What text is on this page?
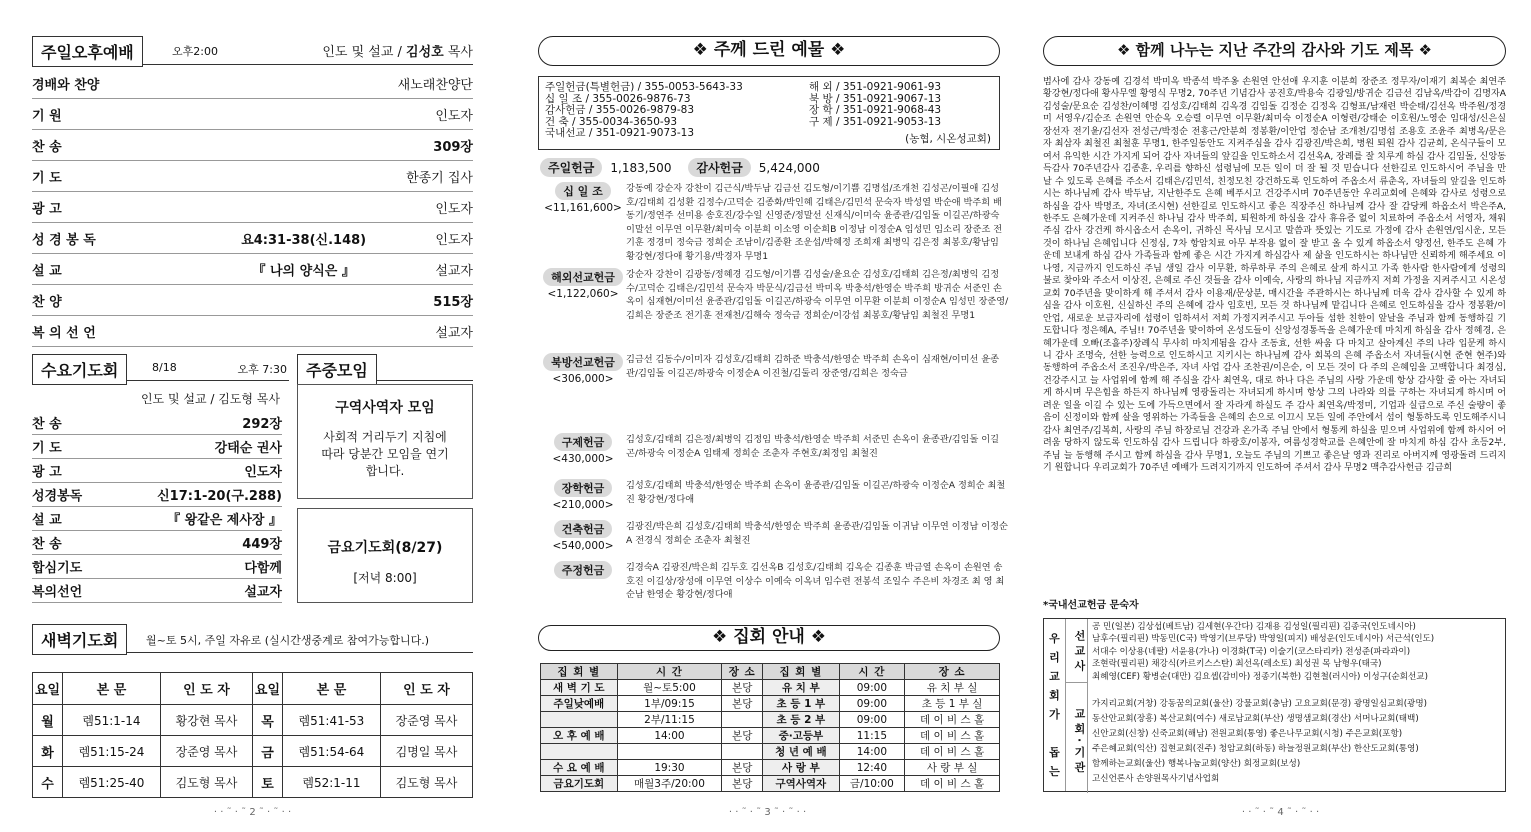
주일오후예배	오후2:00	인도 및 설교 / 김성호 목사
경배와 찬양	새노래찬양단
기 원	인도자
찬 송	309장
기 도	한종기 집사
광 고	인도자
성 경 봉 독	요4:31-38(신.148)	인도자
설 교	『 나의 양식은 』	설교자
찬 양	515장
복 의 선 언	설교자
수요기도회	8/18	오후 7:30
인도 및 설교 / 김도형 목사
찬 송	292장
기 도	강태순 권사
광 고	인도자
성경봉독	신17:1-20(구.288)
설 교	『 왕같은 제사장 』
찬 송	449장
합심기도	다함께
복의선언	설교자
주중모임
구역사역자 모임
사회적 거리두기 지침에 따라 당분간 모임을 연기합니다.
금요기도회(8/27)
[저녁 8:00]
새벽기도회	월~토 5시, 주일 자유로 (실시간생중계로 참여가능합니다.)
요일	본 문	인 도 자	요일	본 문	인 도 자
월	렘51:1-14	황강현 목사	목	렘51:41-53	장준영 목사
화	렘51:15-24	장준영 목사	금	렘51:54-64	김명일 목사
수	렘51:25-40	김도형 목사	토	렘52:1-11	김도형 목사
· · ˜ · ˜ 2 ˜ · ˜ · ·
❖ 주께 드린 예물 ❖
주일헌금(특별헌금) / 355-0053-5643-33
십 일 조 / 355-0026-9876-73
감사헌금 / 355-0026-9879-83
건 축 / 355-0034-3650-93
국내선교 / 351-0921-9073-13
해 외 / 351-0921-9061-93
북 방 / 351-0921-9067-13
장 학 / 351-0921-9068-43
구 제 / 351-0921-9053-13
(농협, 시온성교회)
주일헌금	1,183,500	감사헌금	5,424,000
십 일 조
<11,161,600>
강동예 강순자 강찬이 김근식/박두남 김금선 김도형/이기쁨 김명섭/조개천 김성곤/이필애 김성호/김태희 김성환 김정수/고덕순 김종화/박인혜 김태은/김민석 문숙자 박성열 박순애 박주희 배동기/정연주 선미용 송호진/강수일 신영준/정말선 신재식/이미숙 윤종관/김임돌 이길곤/하광숙 이말선 이무연 이무환/최미숙 이분희 이소영 이순희B 이정남 이정순A 임성민 임소리 장준조 전기훈 정경미 정숙금 정희순 조남이/김종환 조운섭/박혜정 조희재 최병익 김은정 최봉호/황남임 황강현/정다애 황기용/박경자 무명1
해외선교헌금
<1,122,060>
강순자 강찬이 김광동/정혜경 김도형/이기쁨 김성술/윤요순 김성호/김태희 김은정/최병익 김정수/고덕순 김태은/김민석 문숙자 박문식/김금선 박미옥 박충석/한영순 박주희 방귀순 서준인 손옥이 심재현/이미선 윤종관/김임돌 이길곤/하광숙 이무연 이무환 이분희 이정순A 임성민 장준영/김희은 장준조 전기훈 전재천/김해숙 정숙금 정희순/이강섭 최봉호/황남임 최철진 무명1
북방선교헌금
<306,000>
김금선 김동수/이미자 김성호/김태희 김하준 박충석/한영순 박주희 손옥이 심재현/이미선 윤종관/김임돌 이길곤/하광숙 이정순A 이진철/김둘리 장준영/김희은 정숙금
구제헌금
<430,000>
김성호/김태희 김은정/최병익 김정임 박충석/한영순 박주희 서준민 손옥이 윤종관/김임돌 이길곤/하광숙 이정순A 임태제 정희순 조춘자 주현호/최정임 최철진
장학헌금
<210,000>
김성호/김태희 박충석/한영순 박주희 손옥이 윤종관/김임돌 이길곤/하광숙 이정순A 정희순 최철진 황강현/정다애
건축헌금
<540,000>
김광진/박은희 김성호/김태희 박충석/한영순 박주희 윤종관/김임돌 이귀남 이무연 이정남 이정순A 전경식 정희순 조춘자 최철진
주정헌금	김경숙A 김광진/박은희 김두호 김선옥B 김성호/김태희 김옥순 김종훈 박금열 손옥이 손원연 송호진 이길상/장성애 이무연 이상수 이예숙 이옥녀 임수련 전봉석 조일수 주은비 차경조 최 영 최순남 한영순 황강현/정다애
❖ 집회 안내 ❖
집 회 별	시 간	장 소	집 회 별	시 간	장 소
새 벽 기 도	월~토5:00	본당	유 치 부	09:00	유 치 부 실
주일낮예배	1부/09:15	본당	초 등 1 부	09:00	초 등 1 부 실
	2부/11:15		초 등 2 부	09:00	데 이 비 스 홀
오 후 예 배	14:00	본당	중·고등부	11:15	데 이 비 스 홀
			청 년 예 배	14:00	데 이 비 스 홀
수 요 예 배	19:30	본당	사 랑 부	12:40	사 랑 부 실
금요기도회	매월3주/20:00	본당	구역사역자	금/10:00	데 이 비 스 홀
· · ˜ · ˜ 3 ˜ · ˜ · ·
❖ 함께 나누는 지난 주간의 감사와 기도 제목 ❖
범사에 감사 강동예 김경석 박미옥 박종석 박주옹 손원연 안선애 우지훈 이분희 장준조 정무자/이재기 최복순 최연주 황강현/정다애 황사무엘 황영식 무명2, 70주년 기념감사 공진호/박용숙 김광일/방귀순 김금선 김남옥/박감이 김명자A 김성술/문요순 김성찬/이혜명 김성호/김태희 김옥경 김임돌 김정순 김정옥 김형표/남재련 박순태/김선옥 박주원/정경미 서영우/김순조 손원연 안순옥 오승렬 이무연 이무환/최미숙 이정순A 이형련/강태순 이호원/노영순 임대성/신은실 장선자 전기윤/김선자 전성근/박정순 전홍근/안분희 정봉환/이안업 정순남 조개천/김명섭 조용호 조윤주 최병옥/문은자 최삼자 최철진 최철훈 무명1, 한주일동안도 지켜주심을 감사 김광진/박은희, 병원 퇴원 감사 김균희, 온식구들이 모여서 유익한 시간 가지게 되어 감사 자녀들의 앞길을 인도하소서 김선옥A, 장례를 잘 치루게 하심 감사 김임돌, 신앙동득감사 70주년감사 김종훈, 우리를 향하신 섬령님에 모든 일이 더 잘 될 것 믿습니다 선한길로 인도하시어 주님을 만날 수 있도록 은혜를 주소서 김태은/김민석, 친정모친 강건하도록 인도하여 주옵소서 류춘옥, 자녀들의 앞길을 인도하시는 하나님께 감사 박두남, 지난한주도 은혜 베푸시고 건강주시며 70주년동안 우리교회에 은혜와 감사로 성령으로 하심을 감사 박명조, 자녀(조시현) 선한길로 인도하시고 좋은 직장주신 하나님께 감사 잘 감당케 하옵소서 박은주A, 한주도 은혜가운데 지켜주신 하나님 감사 박주희, 퇴원하게 하심을 감사 휴유증 없이 치료하여 주옵소서 서영자, 채워주심 감사 강건케 하시옵소서 손옥이, 귀하신 목사님 모시고 말씀과 뜻있는 기도로 가정에 감사 손원연/임시운, 모든 것이 하나님 은혜입니다 신정심, 7차 항암치료 아무 부작용 없이 잘 받고 올 수 있게 하옵소서 양정선, 한주도 은혜 가운데 보내게 하심 감사 가족들과 함께 좋은 시간 가지게 하심감사 제 삶을 인도하시는 하나님만 신뢰하게 해주세요 이나영, 지금까지 인도하신 주님 생일 감사 이무환, 하루하루 주의 은혜로 살게 하시고 가족 한사람 한사람에게 성령의 불로 찾아와 주소서 이상진, 은혜로 주신 것들을 감사 이예숙, 사랑의 하나님 지금까지 저희 가정을 지켜주시고 시온성교회 70주년을 맞이하게 해 주셔서 감사 이용재/문상분, 매시간을 주관하시는 하나님께 더욱 감사 감사할 수 있게 하심을 감사 이호원, 신실하신 주의 은혜에 감사 임호빈, 모든 것 하나님께 맡깁니다 은혜로 인도하심을 감사 정봉환/이안업, 새로운 보금자리에 섬령이 임하셔서 저희 가정지켜주시고 두아들 섬한 친한이 앞날을 주님과 함께 동행하길 기도합니다 정은혜A, 주님!! 70주년을 맞이하여 온성도들이 신앙성경통독을 은혜가운데 마치게 하심을 감사 정혜경, 은혜가운데 오빠(조흘주)장례식 무사히 마치게됨을 감사 조동효, 선한 싸움 다 마치고 살아계신 주의 나라 입문케 하시니 감사 조명숙, 선한 능력으로 인도하시고 지키시는 하나님께 감사 회복의 은혜 주옵소서 자녀들(시현 준현 현주)와 동행하여 주옵소서 조진우/박은주, 자녀 사업 감사 조찬권/이은순, 이 모든 것이 다 주의 은혜임을 고백합니다 최경심, 건강주시고 늘 사업위에 함께 해 주심을 감사 최연옥, 대로 하나 다은 주님의 사랑 가운데 항상 감사할 줄 아는 자녀되게 하시며 무은힘을 하든지 하나님께 영광돌리는 자녀되게 하시며 항상 그의 나라와 의를 구하는 자녀되게 하시며 어려운 일을 이길 수 있는 도에 가득으면에서 잘 자라게 하실도 주 감사 최연옥/박정미, 기업과 실급으로 주신 술량이 좋음이 신정이와 함께 살을 영위하는 가족들을 은혜의 손으로 이끄시 모든 일에 주안에서 섬이 형통하도록 인도해주시니 감사 최연주/김복희, 사랑의 주님 하장로님 건강과 온가족 주님 안에서 형통케 하실을 믿으며 사업위에 함께 하시어 어려움 당하지 않도록 인도하심 감사 드립니다 하광호/이봉자, 여름성경학교를 은혜안에 잘 마치게 하심 감사 초등2부, 주님 늘 동행해 주시고 함께 하심을 감사 무명1, 오늘도 주님의 기쁘고 좋은날 영과 진리로 아버지께 영광돌려 드리지기 원합니다 우리교회가 70주년 예배가 드려지기까지 인도하여 주셔서 감사 무명2 맥추감사헌금 김금희
*국내선교헌금 문숙자
우
리
교
회
가
돕
는
선교사
공 민(일본) 김상섭(베트남) 김세현(우간다) 김재용 김성일(필리핀) 김종국(인도네시아)
남후수(필리핀) 박동민(C국) 박영기(브루당) 박영일(피지) 배성운(인도네시아) 서근석(인도)
서대수 이상용(네팔) 서윤용(가나) 이경화(T국) 이술기(코스타리카) 전성준(파라과이)
조현락(필리핀) 채강식(카르키스스탄) 최선옥(레소토) 최성권 목 남형우(태국)
최혜영(CEF) 황병순(대만) 김요셉(감비아) 정종기(북한) 김현철(러시아) 이성구(순회선교)
교회·기관
가지리교회(거창) 강동꿈의교회(울산) 강물교회(충남) 고요교회(문경) 광명일심교회(광명)
동산안교회(장흥) 복산교회(여수) 새로남교회(부산) 생명샘교회(경산) 서머나교회(태백)
신안교회(신창) 신죽교회(해남) 전원교회(통영) 좋은나무교회(시청) 주은교회(포항)
주은혜교회(익산) 집현교회(진주) 청암교회(하동) 하늘정원교회(부산) 한산도교회(통영)
함께하는교회(울산) 행복나눔교회(양산) 회정교회(보성)
고신언론사 손양원목사기념사업회
· · ˜ · ˜ 4 ˜ · ˜ · ·
